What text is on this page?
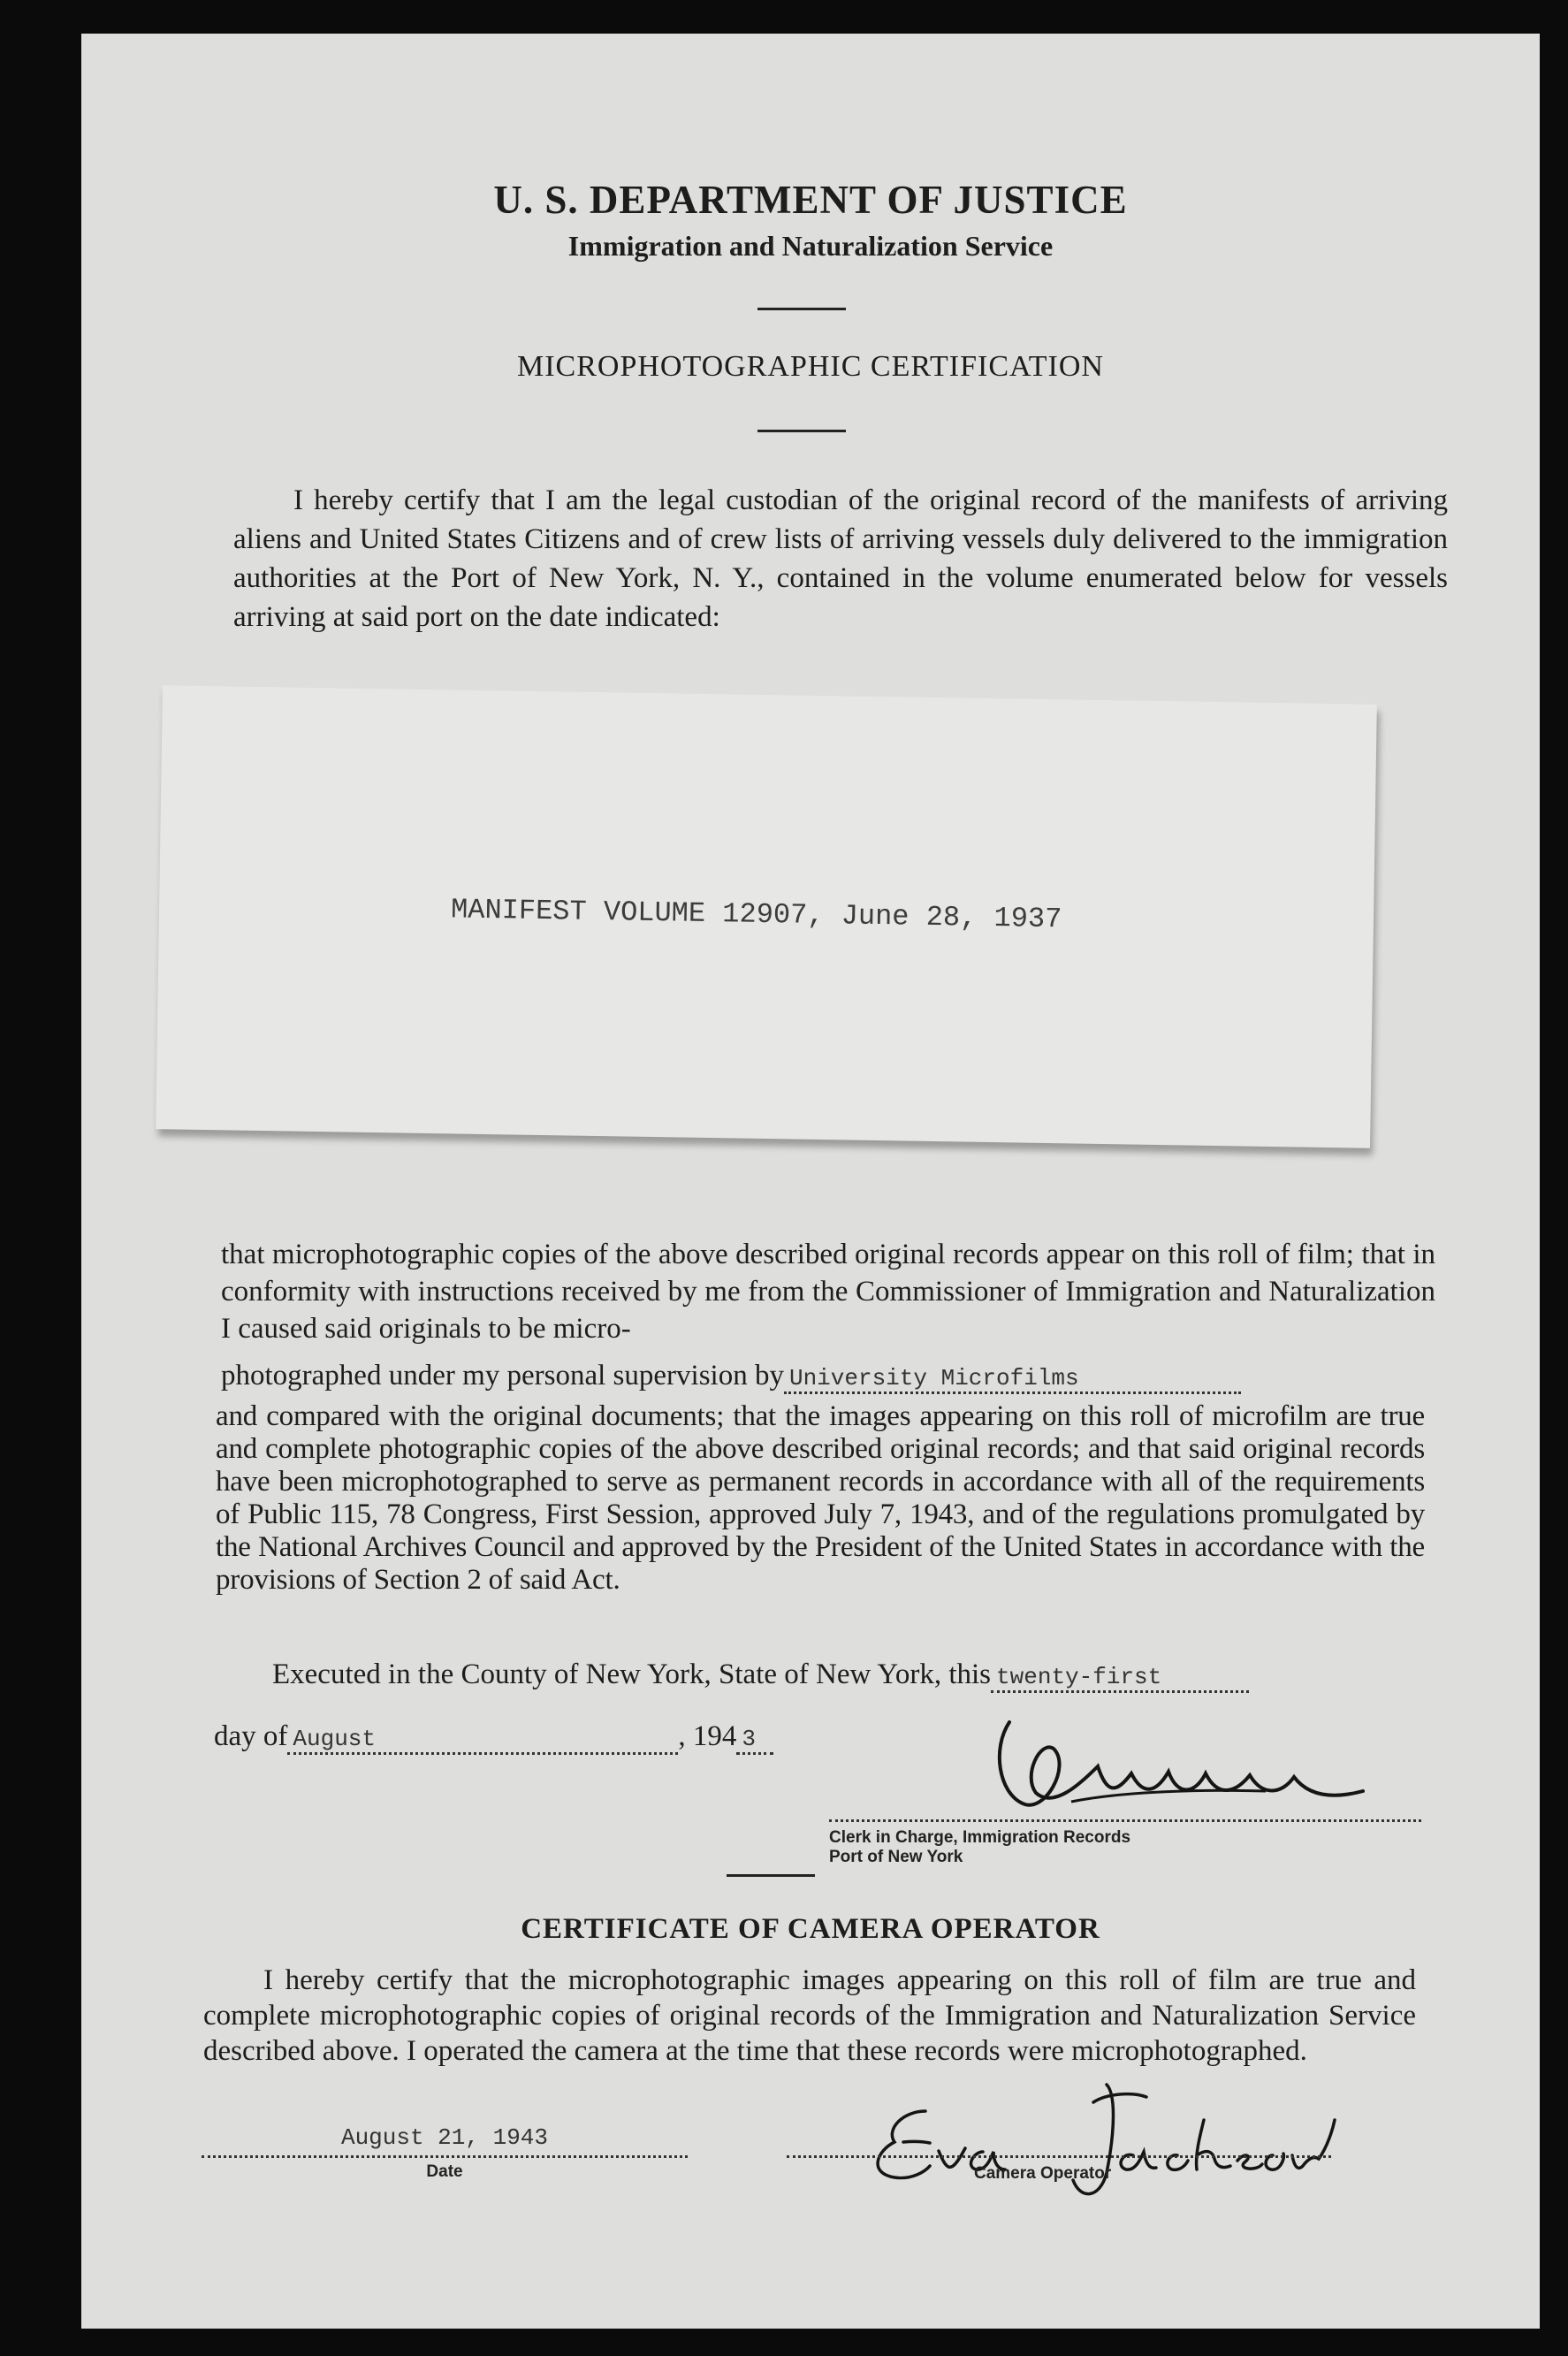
U. S. DEPARTMENT OF JUSTICE
Immigration and Naturalization Service
MICROPHOTOGRAPHIC CERTIFICATION

I hereby certify that I am the legal custodian of the original record of the manifests of arriving aliens and United States Citizens and of crew lists of arriving vessels duly delivered to the immigration authorities at the Port of New York, N. Y., contained in the volume enumerated below for vessels arriving at said port on the date indicated:

MANIFEST VOLUME 12907, June 28, 1937

that microphotographic copies of the above described original records appear on this roll of film; that in conformity with instructions received by me from the Commissioner of Immigration and Naturalization I caused said originals to be micro-

photographed under my personal supervision by University Microfilms

and compared with the original documents; that the images appearing on this roll of microfilm are true and complete photographic copies of the above described original records; and that said original records have been microphotographed to serve as permanent records in accordance with all of the requirements of Public 115, 78 Congress, First Session, approved July 7, 1943, and of the regulations promulgated by the National Archives Council and approved by the President of the United States in accordance with the provisions of Section 2 of said Act.

Executed in the County of New York, State of New York, this twenty-first

day of August	, 194 3

Clerk in Charge, Immigration Records
Port of New York

CERTIFICATE OF CAMERA OPERATOR

I hereby certify that the microphotographic images appearing on this roll of film are true and complete microphotographic copies of original records of the Immigration and Naturalization Service described above. I operated the camera at the time that these records were microphotographed.

August 21, 1943

Date	Camera Operator
